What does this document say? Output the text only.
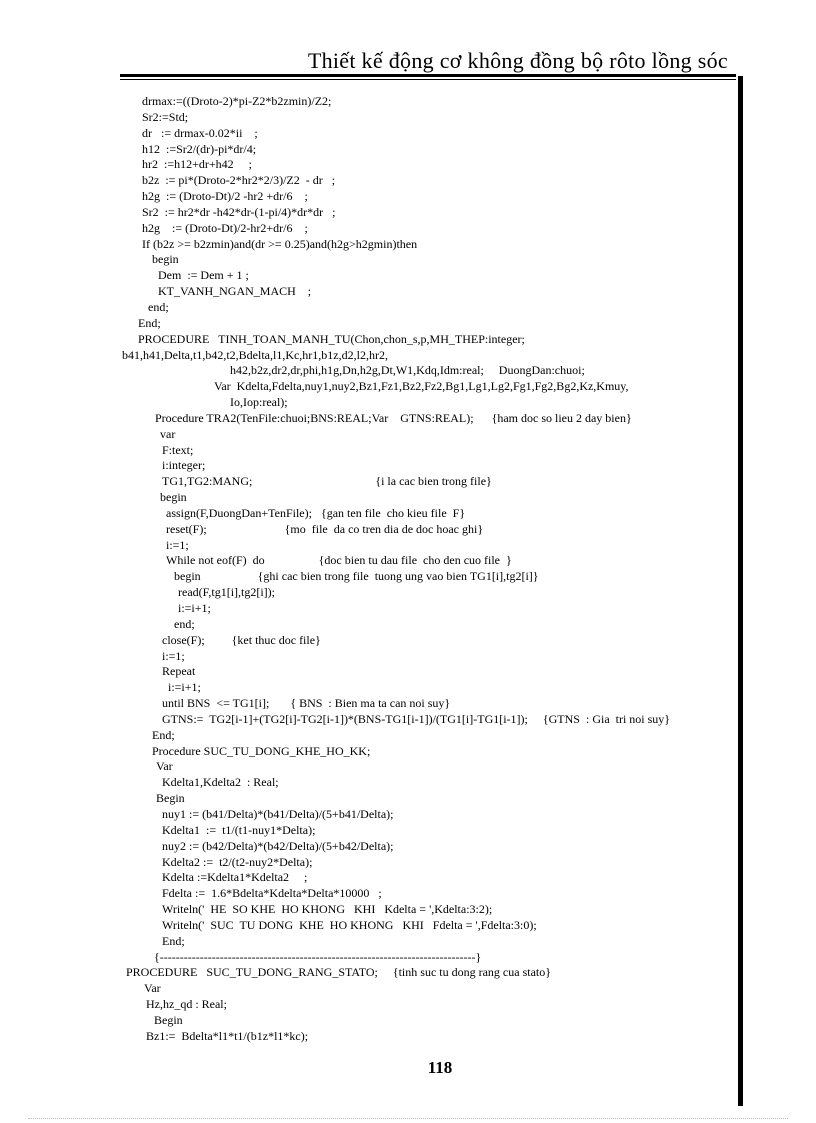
Thiết kế động cơ không đồng bộ rôto lồng sóc
drmax:=((Droto-2)*pi-Z2*b2zmin)/Z2;
Sr2:=Std;
dr   := drmax-0.02*ii    ;
h12  :=Sr2/(dr)-pi*dr/4;
hr2  :=h12+dr+h42     ;
b2z  := pi*(Droto-2*hr2*2/3)/Z2  - dr   ;
h2g  := (Droto-Dt)/2 -hr2 +dr/6    ;
Sr2  := hr2*dr -h42*dr-(1-pi/4)*dr*dr   ;
h2g    := (Droto-Dt)/2-hr2+dr/6    ;
If (b2z >= b2zmin)and(dr >= 0.25)and(h2g>h2gmin)then
begin
Dem  := Dem + 1 ;
KT_VANH_NGAN_MACH    ;
end;
End;
PROCEDURE   TINH_TOAN_MANH_TU(Chon,chon_s,p,MH_THEP:integer;
b41,h41,Delta,t1,b42,t2,Bdelta,l1,Kc,hr1,b1z,d2,l2,hr2,
h42,b2z,dr2,dr,phi,h1g,Dn,h2g,Dt,W1,Kdq,Idm:real;     DuongDan:chuoi;
Var  Kdelta,Fdelta,nuy1,nuy2,Bz1,Fz1,Bz2,Fz2,Bg1,Lg1,Lg2,Fg1,Fg2,Bg2,Kz,Kmuy,
Io,Iop:real);
Procedure TRA2(TenFile:chuoi;BNS:REAL;Var    GTNS:REAL);      {ham doc so lieu 2 day bien}
var
F:text;
i:integer;
TG1,TG2:MANG;                                         {i la cac bien trong file}
begin
assign(F,DuongDan+TenFile);   {gan ten file  cho kieu file  F}
reset(F);                          {mo  file  da co tren dia de doc hoac ghi}
i:=1;
While not eof(F)  do                  {doc bien tu dau file  cho den cuo file  }
begin                   {ghi cac bien trong file  tuong ung vao bien TG1[i],tg2[i]}
read(F,tg1[i],tg2[i]);
i:=i+1;
end;
close(F);         {ket thuc doc file}
i:=1;
Repeat
i:=i+1;
until BNS  <= TG1[i];       { BNS  : Bien ma ta can noi suy}
GTNS:=  TG2[i-1]+(TG2[i]-TG2[i-1])*(BNS-TG1[i-1])/(TG1[i]-TG1[i-1]);     {GTNS  : Gia  tri noi suy}
End;
Procedure SUC_TU_DONG_KHE_HO_KK;
Var
Kdelta1,Kdelta2  : Real;
Begin
nuy1 := (b41/Delta)*(b41/Delta)/(5+b41/Delta);
Kdelta1  :=  t1/(t1-nuy1*Delta);
nuy2 := (b42/Delta)*(b42/Delta)/(5+b42/Delta);
Kdelta2 :=  t2/(t2-nuy2*Delta);
Kdelta :=Kdelta1*Kdelta2     ;
Fdelta :=  1.6*Bdelta*Kdelta*Delta*10000   ;
Writeln('  HE  SO KHE  HO KHONG   KHI   Kdelta = ',Kdelta:3:2);
Writeln('  SUC  TU DONG  KHE  HO KHONG   KHI   Fdelta = ',Fdelta:3:0);
End;
{-------------------------------------------------------------------------------}
PROCEDURE   SUC_TU_DONG_RANG_STATO;     {tinh suc tu dong rang cua stato}
Var
Hz,hz_qd : Real;
Begin
Bz1:=  Bdelta*l1*t1/(b1z*l1*kc);
118
